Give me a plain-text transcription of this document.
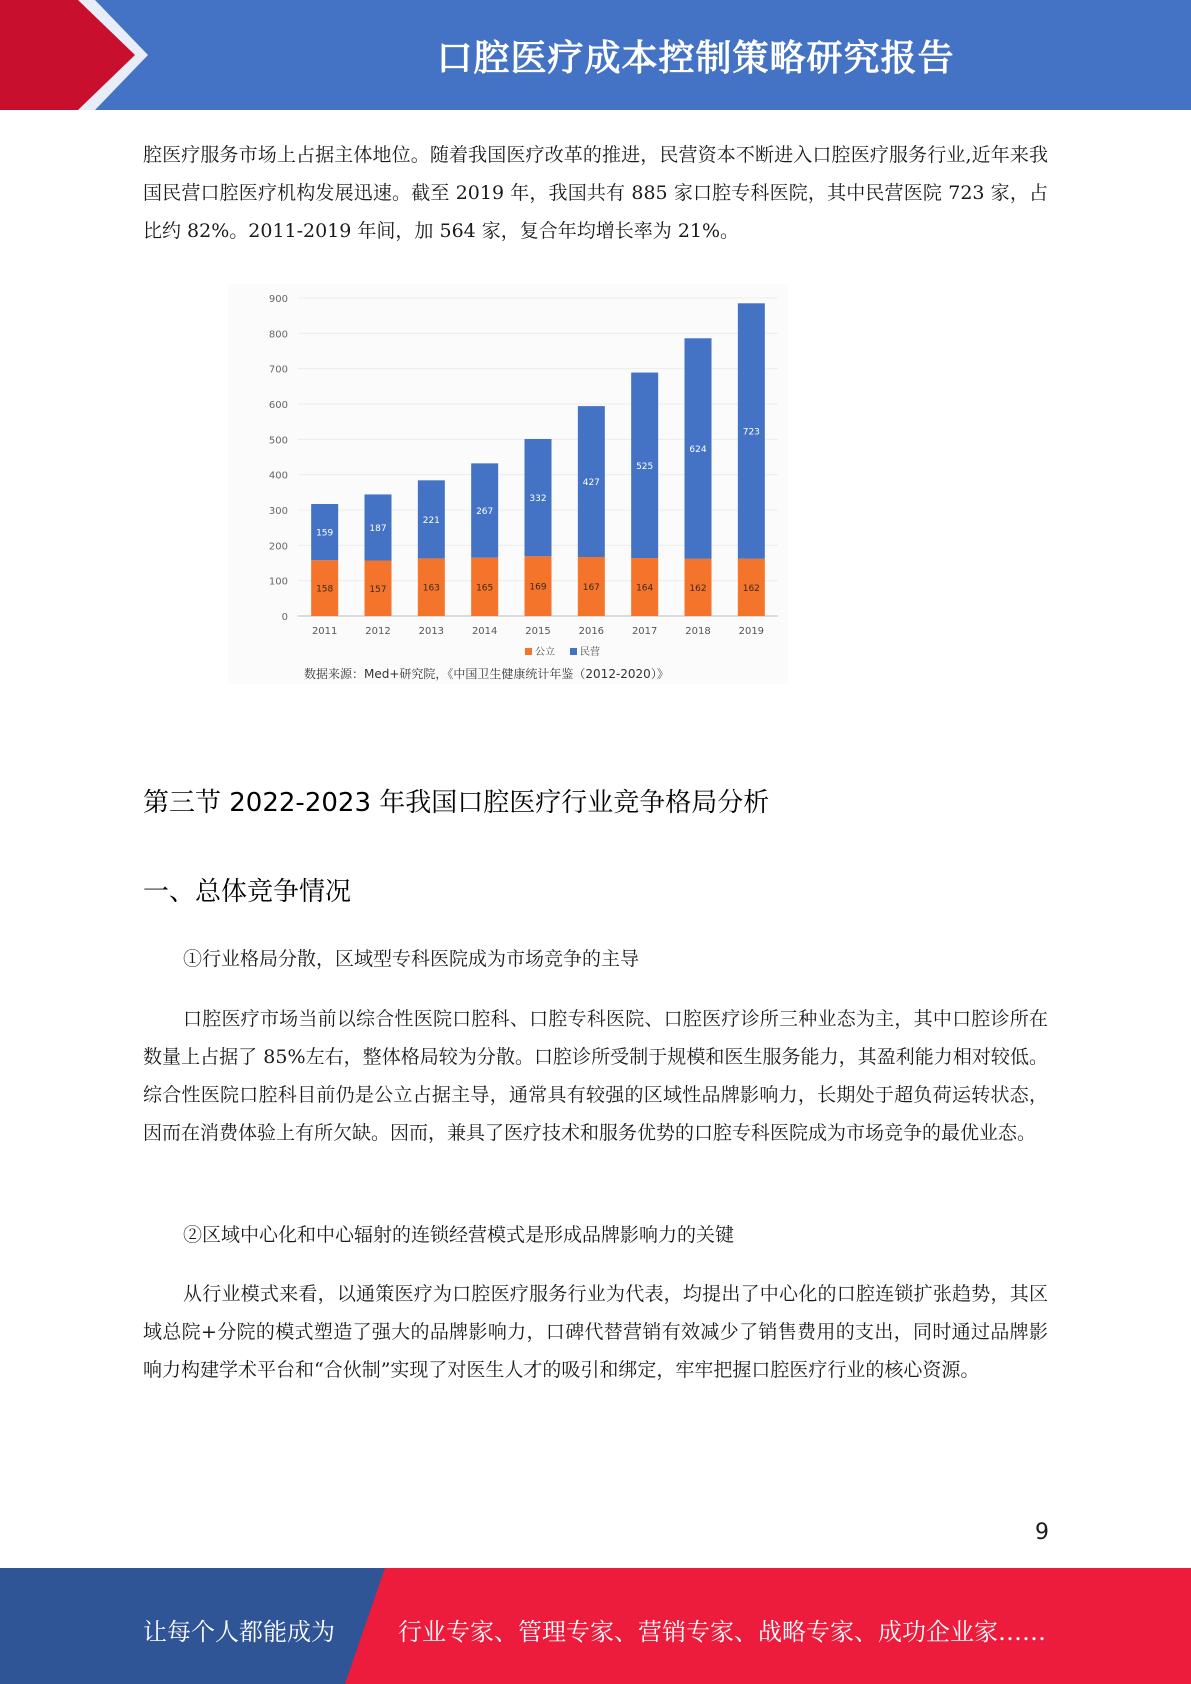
口腔医疗成本控制策略研究报告

腔医疗服务市场上占据主体地位。随着我国医疗改革的推进，民营资本不断进入口腔医疗服务行业,近年来我国民营口腔医疗机构发展迅速。截至 2019 年，我国共有 885 家口腔专科医院，其中民营医院 723 家，占比约 82%。2011-2019 年间，加 564 家，复合年均增长率为 21%。

0
100
200
300
400
500
600
700
800
900
158
159
2011
157
187
2012
163
221
2013
165
267
2014
169
332
2015
167
427
2016
164
525
2017
162
624
2018
162
723
2019
公立	民营
数据来源：Med+研究院，《中国卫生健康统计年鉴（2012-2020）》
第三节 2022-2023 年我国口腔医疗行业竞争格局分析
一、总体竞争情况

①行业格局分散，区域型专科医院成为市场竞争的主导

口腔医疗市场当前以综合性医院口腔科、口腔专科医院、口腔医疗诊所三种业态为主，其中口腔诊所在数量上占据了 85%左右，整体格局较为分散。口腔诊所受制于规模和医生服务能力，其盈利能力相对较低。综合性医院口腔科目前仍是公立占据主导，通常具有较强的区域性品牌影响力，长期处于超负荷运转状态，因而在消费体验上有所欠缺。因而，兼具了医疗技术和服务优势的口腔专科医院成为市场竞争的最优业态。

②区域中心化和中心辐射的连锁经营模式是形成品牌影响力的关键

从行业模式来看，以通策医疗为口腔医疗服务行业为代表，均提出了中心化的口腔连锁扩张趋势，其区域总院+分院的模式塑造了强大的品牌影响力，口碑代替营销有效减少了销售费用的支出，同时通过品牌影响力构建学术平台和“合伙制”实现了对医生人才的吸引和绑定，牢牢把握口腔医疗行业的核心资源。

9
让每个人都能成为	行业专家、管理专家、营销专家、战略专家、成功企业家……
